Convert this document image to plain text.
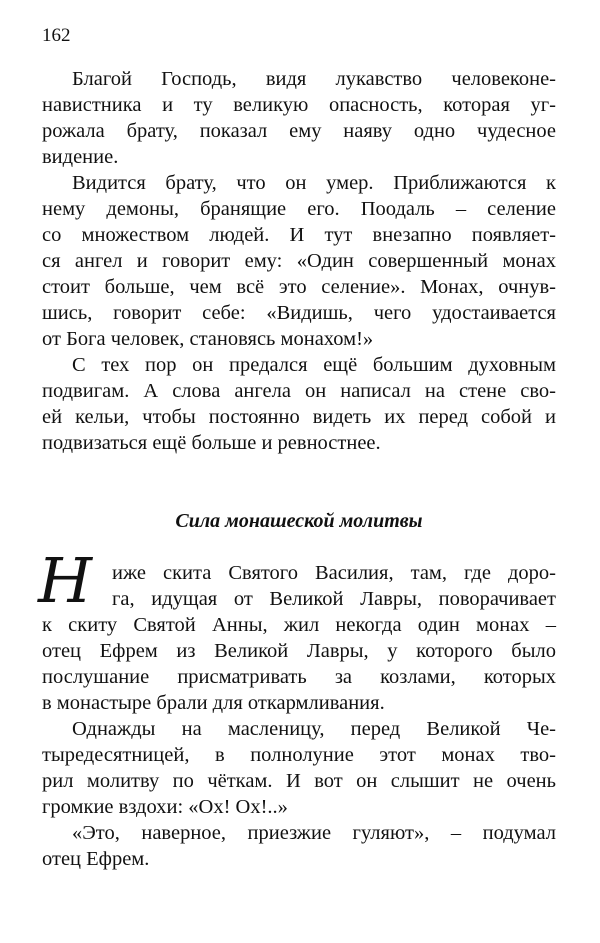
162
Благой Господь, видя лукавство человеконе-
навистника и ту великую опасность, которая уг-
рожала брату, показал ему наяву одно чудесное
видение.
Видится брату, что он умер. Приближаются к
нему демоны, бранящие его. Поодаль – селение
со множеством людей. И тут внезапно появляет-
ся ангел и говорит ему: «Один совершенный монах
стоит больше, чем всё это селение». Монах, очнув-
шись, говорит себе: «Видишь, чего удостаивается
от Бога человек, становясь монахом!»
С тех пор он предался ещё большим духовным
подвигам. А слова ангела он написал на стене сво-
ей кельи, чтобы постоянно видеть их перед собой и
подвизаться ещё больше и ревностнее.
Сила монашеской молитвы
Н иже скита Святого Василия, там, где доро-
га, идущая от Великой Лавры, поворачивает
к скиту Святой Анны, жил некогда один монах –
отец Ефрем из Великой Лавры, у которого было
послушание присматривать за козлами, которых
в монастыре брали для откармливания.
Однажды на масленицу, перед Великой Че-
тыредесятницей, в полнолуние этот монах тво-
рил молитву по чёткам. И вот он слышит не очень
громкие вздохи: «Ох! Ох!..»
«Это, наверное, приезжие гуляют», – подумал
отец Ефрем.
